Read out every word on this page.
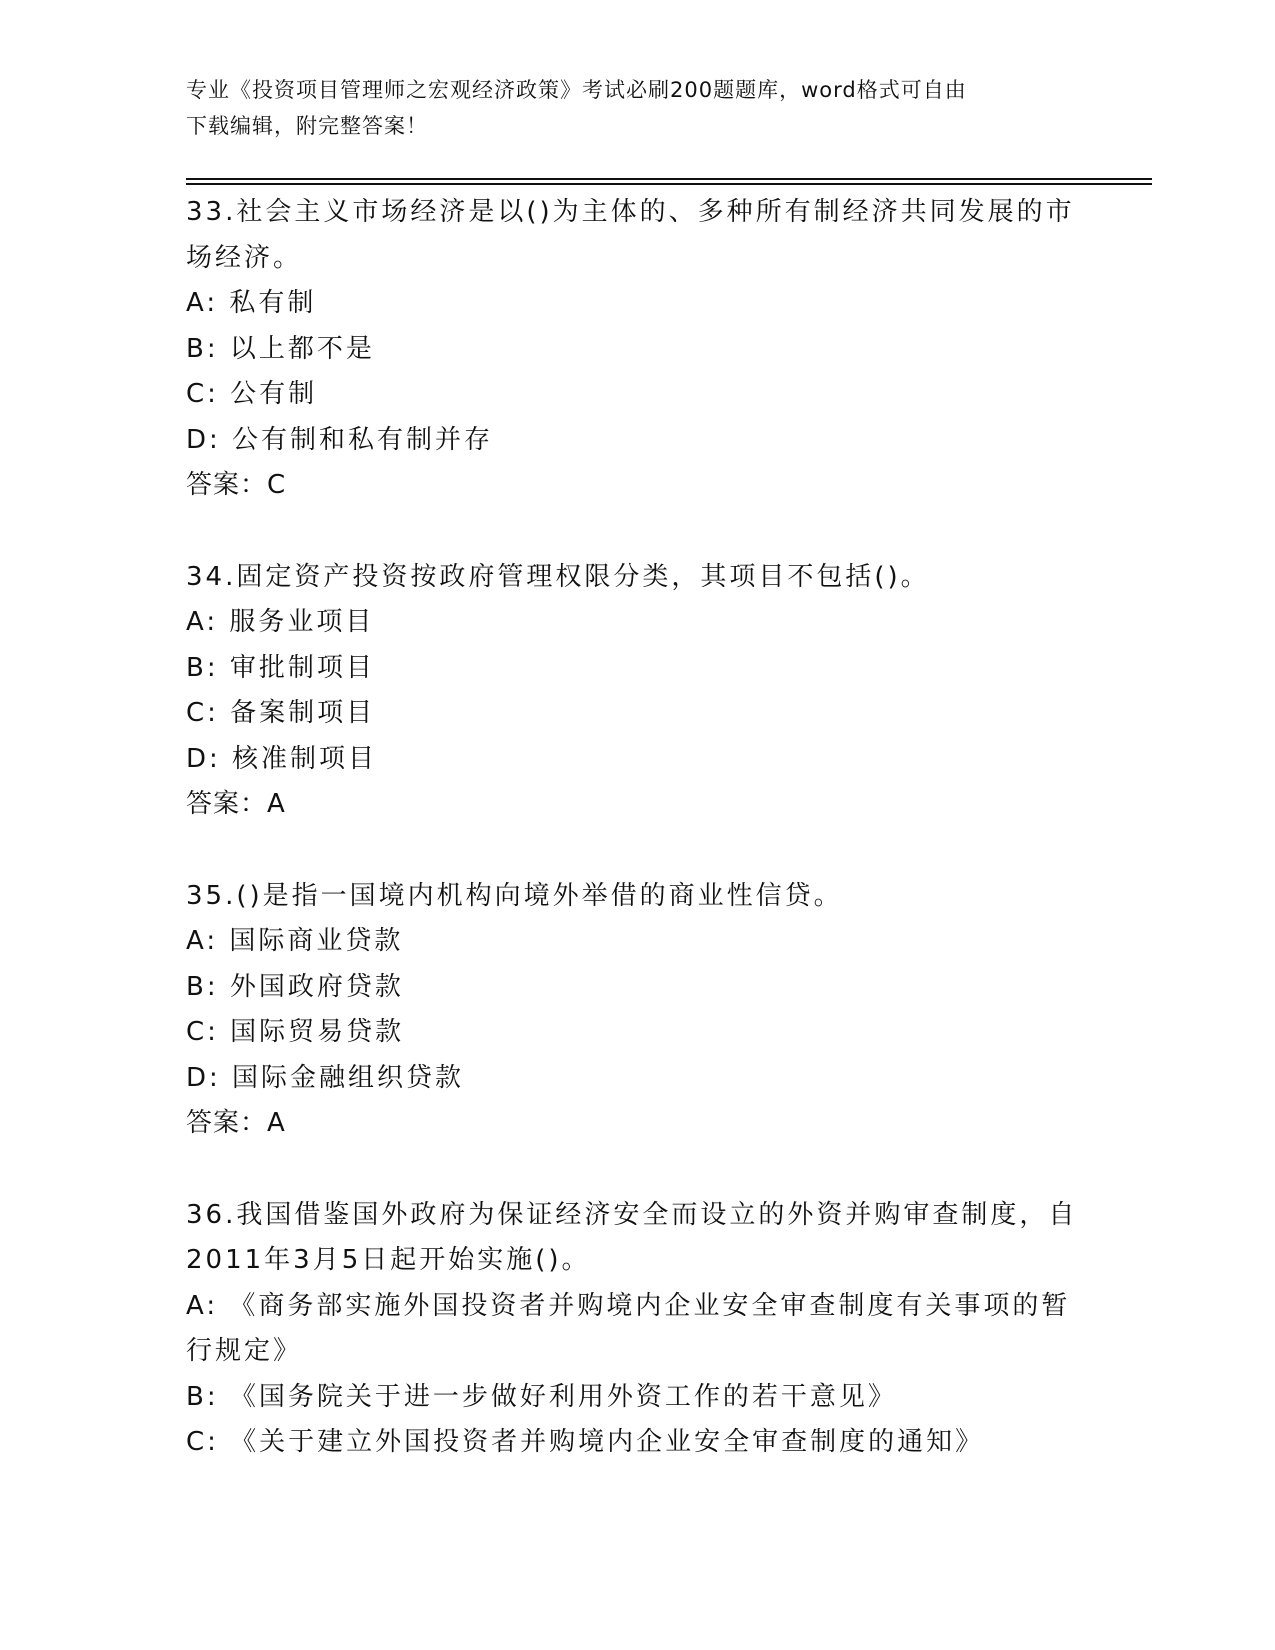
专业《投资项目管理师之宏观经济政策》考试必刷200题题库，word格式可自由
下载编辑，附完整答案！
33.社会主义市场经济是以()为主体的、多种所有制经济共同发展的市
场经济。
A: 私有制
B: 以上都不是
C: 公有制
D: 公有制和私有制并存
答案：C
34.固定资产投资按政府管理权限分类，其项目不包括()。
A: 服务业项目
B: 审批制项目
C: 备案制项目
D: 核准制项目
答案：A
35.()是指一国境内机构向境外举借的商业性信贷。
A: 国际商业贷款
B: 外国政府贷款
C: 国际贸易贷款
D: 国际金融组织贷款
答案：A
36.我国借鉴国外政府为保证经济安全而设立的外资并购审查制度，自
2011年3月5日起开始实施()。
A: 《商务部实施外国投资者并购境内企业安全审查制度有关事项的暂
行规定》
B: 《国务院关于进一步做好利用外资工作的若干意见》
C: 《关于建立外国投资者并购境内企业安全审查制度的通知》
